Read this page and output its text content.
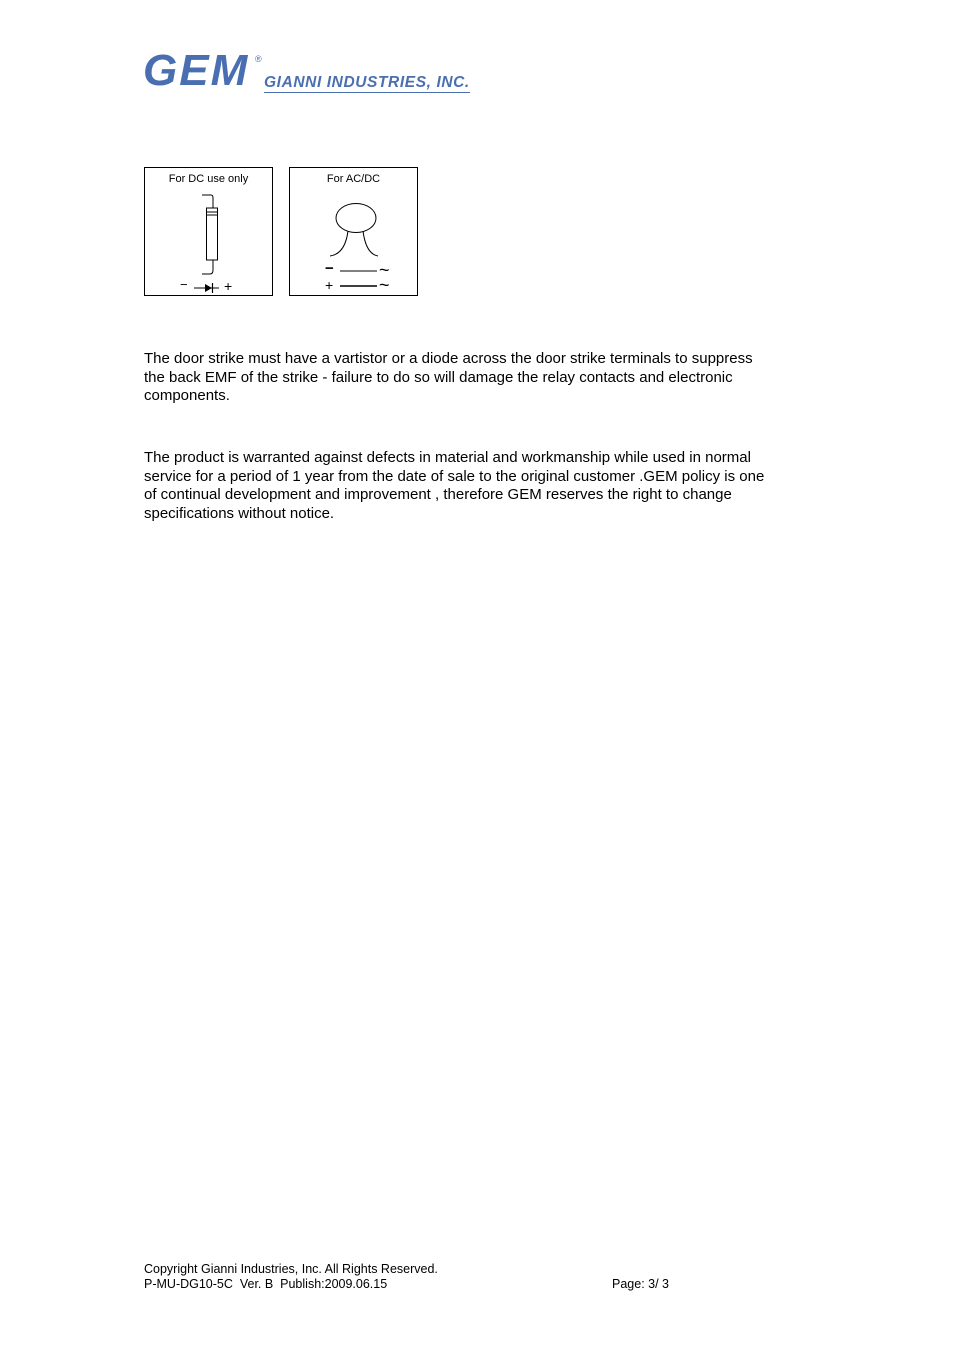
GEM ®
GIANNI INDUSTRIES, INC.
For DC use only
−	+
For AC/DC
−
+
~
~
The door strike must have a vartistor or a diode across the door strike terminals to suppress
the back EMF of the strike - failure to do so will damage the relay contacts and electronic
components.
The product is warranted against defects in material and workmanship while used in normal
service for a period of 1 year from the date of sale to the original customer .GEM policy is one
of continual development and improvement , therefore GEM reserves the right to change
specifications without notice.
Copyright Gianni Industries, Inc. All Rights Reserved.
P-MU-DG10-5C  Ver. B  Publish:2009.06.15	Page: 3/ 3
